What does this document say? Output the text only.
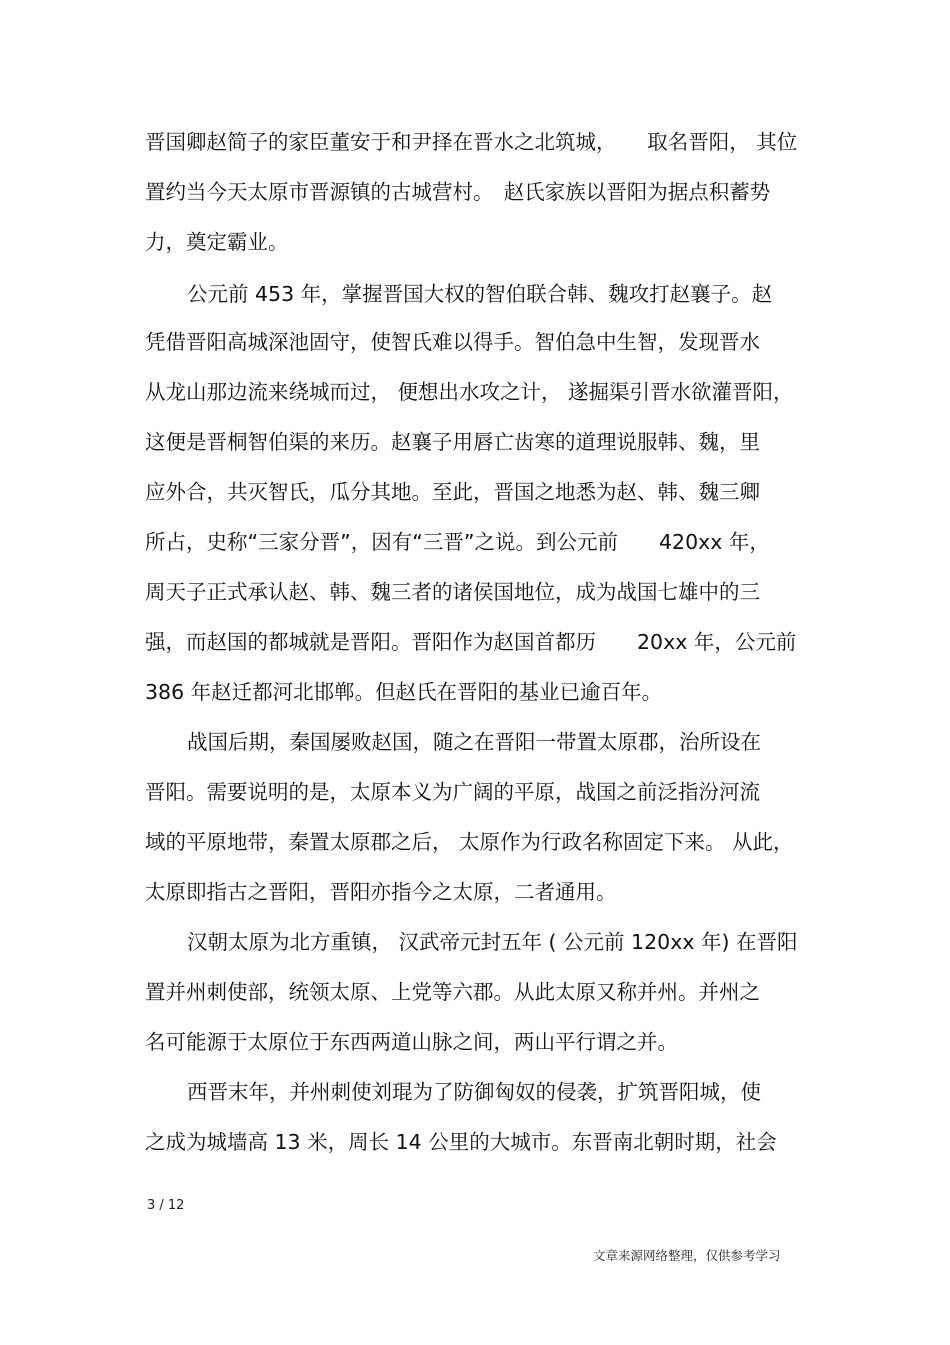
晋国卿赵简子的家臣董安于和尹择在晋水之北筑城，　　取名晋阳， 其位
置约当今天太原市晋源镇的古城营村。　赵氏家族以晋阳为据点积蓄势
力，奠定霸业。
公元前 453 年，掌握晋国大权的智伯联合韩、魏攻打赵襄子。赵
凭借晋阳高城深池固守，使智氏难以得手。智伯急中生智，发现晋水
从龙山那边流来绕城而过， 便想出水攻之计， 遂掘渠引晋水欲灌晋阳，
这便是晋桐智伯渠的来历。赵襄子用唇亡齿寒的道理说服韩、魏，里
应外合，共灭智氏，瓜分其地。至此，晋国之地悉为赵、韩、魏三卿
所占，史称“三家分晋”，因有“三晋”之说。到公元前　　420xx 年，
周天子正式承认赵、韩、魏三者的诸侯国地位，成为战国七雄中的三
强，而赵国的都城就是晋阳。晋阳作为赵国首都历　　20xx 年，公元前
386 年赵迁都河北邯郸。但赵氏在晋阳的基业已逾百年。
战国后期，秦国屡败赵国，随之在晋阳一带置太原郡，治所设在
晋阳。需要说明的是，太原本义为广阔的平原，战国之前泛指汾河流
域的平原地带，秦置太原郡之后， 太原作为行政名称固定下来。 从此，
太原即指古之晋阳，晋阳亦指今之太原，二者通用。
汉朝太原为北方重镇， 汉武帝元封五年 ( 公元前 120xx 年) 在晋阳
置并州刺使部，统领太原、上党等六郡。从此太原又称并州。并州之
名可能源于太原位于东西两道山脉之间，两山平行谓之并。
西晋末年，并州刺使刘琨为了防御匈奴的侵袭，扩筑晋阳城，使
之成为城墙高 13 米，周长 14 公里的大城市。东晋南北朝时期，社会
3 / 12
文章来源网络整理，仅供参考学习
